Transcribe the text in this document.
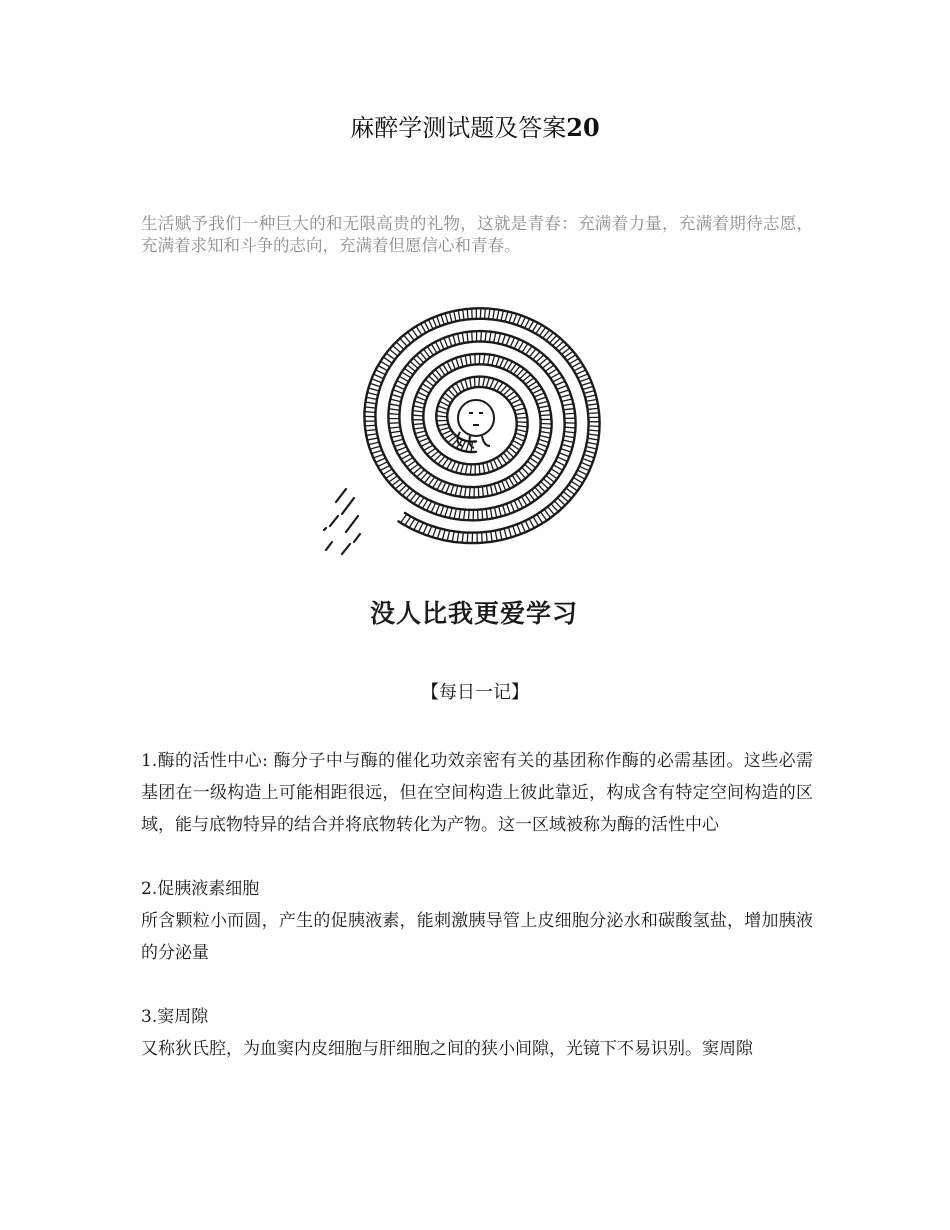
麻醉学测试题及答案20
生活赋予我们一种巨大的和无限高贵的礼物，这就是青春：充满着力量，充满着期待志愿，充满着求知和斗争的志向，充满着但愿信心和青春。
没人比我更爱学习
【每日一记】

1.酶的活性中心: 酶分子中与酶的催化功效亲密有关的基团称作酶的必需基团。这些必需基团在一级构造上可能相距很远，但在空间构造上彼此靠近，构成含有特定空间构造的区域，能与底物特异的结合并将底物转化为产物。这一区域被称为酶的活性中心

2.促胰液素细胞

所含颗粒小而圆，产生的促胰液素，能刺激胰导管上皮细胞分泌水和碳酸氢盐，增加胰液的分泌量

3.窦周隙

又称狄氏腔，为血窦内皮细胞与肝细胞之间的狭小间隙，光镜下不易识别。窦周隙
